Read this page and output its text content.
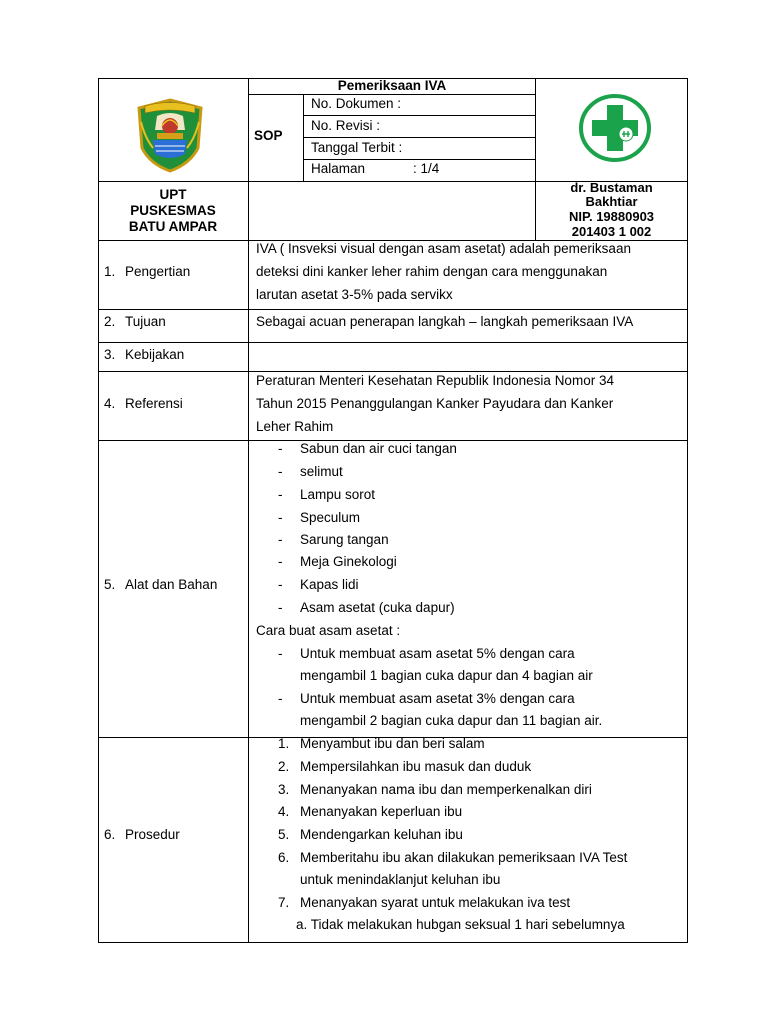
Pemeriksaan IVA
SOP
No. Dokumen :
No. Revisi :
Tanggal Terbit :
Halaman	: 1/4
UPT
PUSKESMAS
BATU AMPAR
dr. Bustaman
Bakhtiar
NIP. 19880903
201403 1 002
1. Pengertian
IVA ( Insveksi visual dengan asam asetat) adalah pemeriksaan
deteksi dini kanker leher rahim dengan cara menggunakan
larutan asetat 3-5% pada servikx
2. Tujuan	Sebagai acuan penerapan langkah – langkah pemeriksaan IVA
3. Kebijakan
4. Referensi
Peraturan Menteri Kesehatan Republik Indonesia Nomor 34
Tahun 2015 Penanggulangan Kanker Payudara dan Kanker
Leher Rahim
5. Alat dan Bahan
- Sabun dan air cuci tangan
- selimut
- Lampu sorot
- Speculum
- Sarung tangan
- Meja Ginekologi
- Kapas lidi
- Asam asetat (cuka dapur)
Cara buat asam asetat :
- Untuk membuat asam asetat 5% dengan cara
mengambil 1 bagian cuka dapur dan 4 bagian air
- Untuk membuat asam asetat 3% dengan cara
mengambil 2 bagian cuka dapur dan 11 bagian air.
6. Prosedur
1. Menyambut ibu dan beri salam
2. Mempersilahkan ibu masuk dan duduk
3. Menanyakan nama ibu dan memperkenalkan diri
4. Menanyakan keperluan ibu
5. Mendengarkan keluhan ibu
6. Memberitahu ibu akan dilakukan pemeriksaan IVA Test
untuk menindaklanjut keluhan ibu
7. Menanyakan syarat untuk melakukan iva test
a. Tidak melakukan hubgan seksual 1 hari sebelumnya
